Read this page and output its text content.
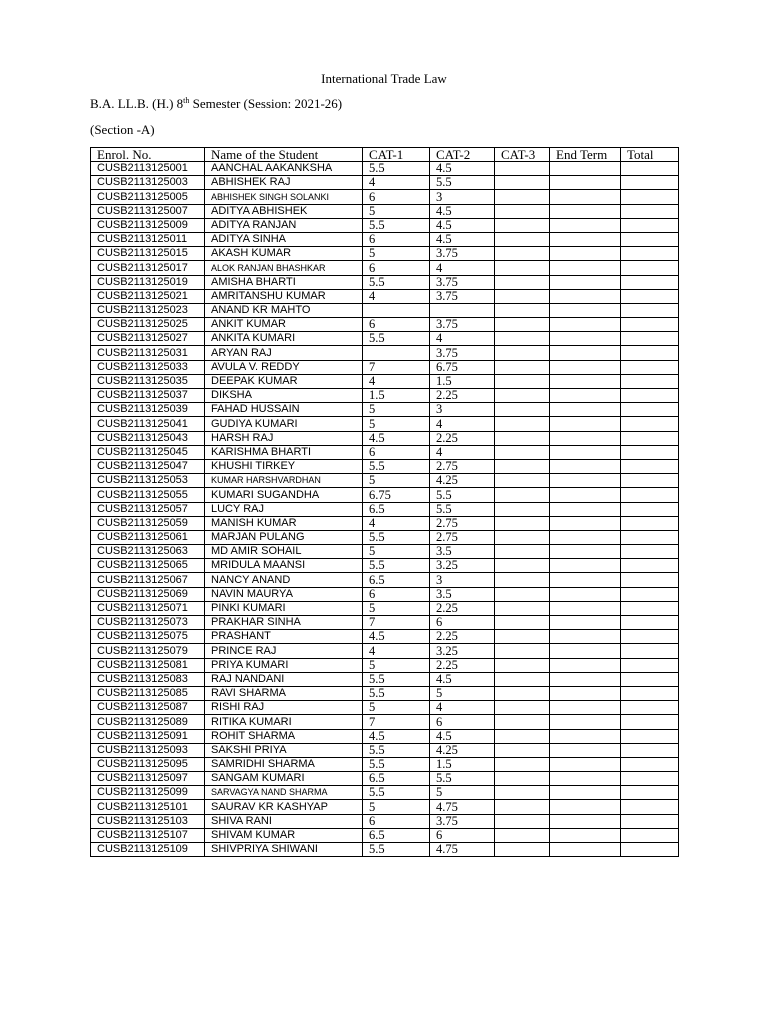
International Trade Law
B.A. LL.B. (H.) 8th Semester (Session: 2021-26)
(Section -A)
Enrol. No.	Name of the Student	CAT-1	CAT-2	CAT-3	End Term	Total
CUSB2113125001	AANCHAL AAKANKSHA	5.5	4.5			
CUSB2113125003	ABHISHEK RAJ	4	5.5			
CUSB2113125005	ABHISHEK SINGH SOLANKI	6	3			
CUSB2113125007	ADITYA ABHISHEK	5	4.5			
CUSB2113125009	ADITYA RANJAN	5.5	4.5			
CUSB2113125011	ADITYA SINHA	6	4.5			
CUSB2113125015	AKASH KUMAR	5	3.75			
CUSB2113125017	ALOK RANJAN BHASHKAR	6	4			
CUSB2113125019	AMISHA BHARTI	5.5	3.75			
CUSB2113125021	AMRITANSHU KUMAR	4	3.75			
CUSB2113125023	ANAND KR MAHTO					
CUSB2113125025	ANKIT KUMAR	6	3.75			
CUSB2113125027	ANKITA KUMARI	5.5	4			
CUSB2113125031	ARYAN RAJ		3.75			
CUSB2113125033	AVULA V. REDDY	7	6.75			
CUSB2113125035	DEEPAK KUMAR	4	1.5			
CUSB2113125037	DIKSHA	1.5	2.25			
CUSB2113125039	FAHAD HUSSAIN	5	3			
CUSB2113125041	GUDIYA KUMARI	5	4			
CUSB2113125043	HARSH RAJ	4.5	2.25			
CUSB2113125045	KARISHMA BHARTI	6	4			
CUSB2113125047	KHUSHI TIRKEY	5.5	2.75			
CUSB2113125053	KUMAR HARSHVARDHAN	5	4.25			
CUSB2113125055	KUMARI SUGANDHA	6.75	5.5			
CUSB2113125057	LUCY RAJ	6.5	5.5			
CUSB2113125059	MANISH KUMAR	4	2.75			
CUSB2113125061	MARJAN PULANG	5.5	2.75			
CUSB2113125063	MD AMIR SOHAIL	5	3.5			
CUSB2113125065	MRIDULA MAANSI	5.5	3.25			
CUSB2113125067	NANCY ANAND	6.5	3			
CUSB2113125069	NAVIN MAURYA	6	3.5			
CUSB2113125071	PINKI KUMARI	5	2.25			
CUSB2113125073	PRAKHAR SINHA	7	6			
CUSB2113125075	PRASHANT	4.5	2.25			
CUSB2113125079	PRINCE RAJ	4	3.25			
CUSB2113125081	PRIYA KUMARI	5	2.25			
CUSB2113125083	RAJ NANDANI	5.5	4.5			
CUSB2113125085	RAVI SHARMA	5.5	5			
CUSB2113125087	RISHI RAJ	5	4			
CUSB2113125089	RITIKA KUMARI	7	6			
CUSB2113125091	ROHIT SHARMA	4.5	4.5			
CUSB2113125093	SAKSHI PRIYA	5.5	4.25			
CUSB2113125095	SAMRIDHI SHARMA	5.5	1.5			
CUSB2113125097	SANGAM KUMARI	6.5	5.5			
CUSB2113125099	SARVAGYA NAND SHARMA	5.5	5			
CUSB2113125101	SAURAV KR KASHYAP	5	4.75			
CUSB2113125103	SHIVA RANI	6	3.75			
CUSB2113125107	SHIVAM KUMAR	6.5	6			
CUSB2113125109	SHIVPRIYA SHIWANI	5.5	4.75			
